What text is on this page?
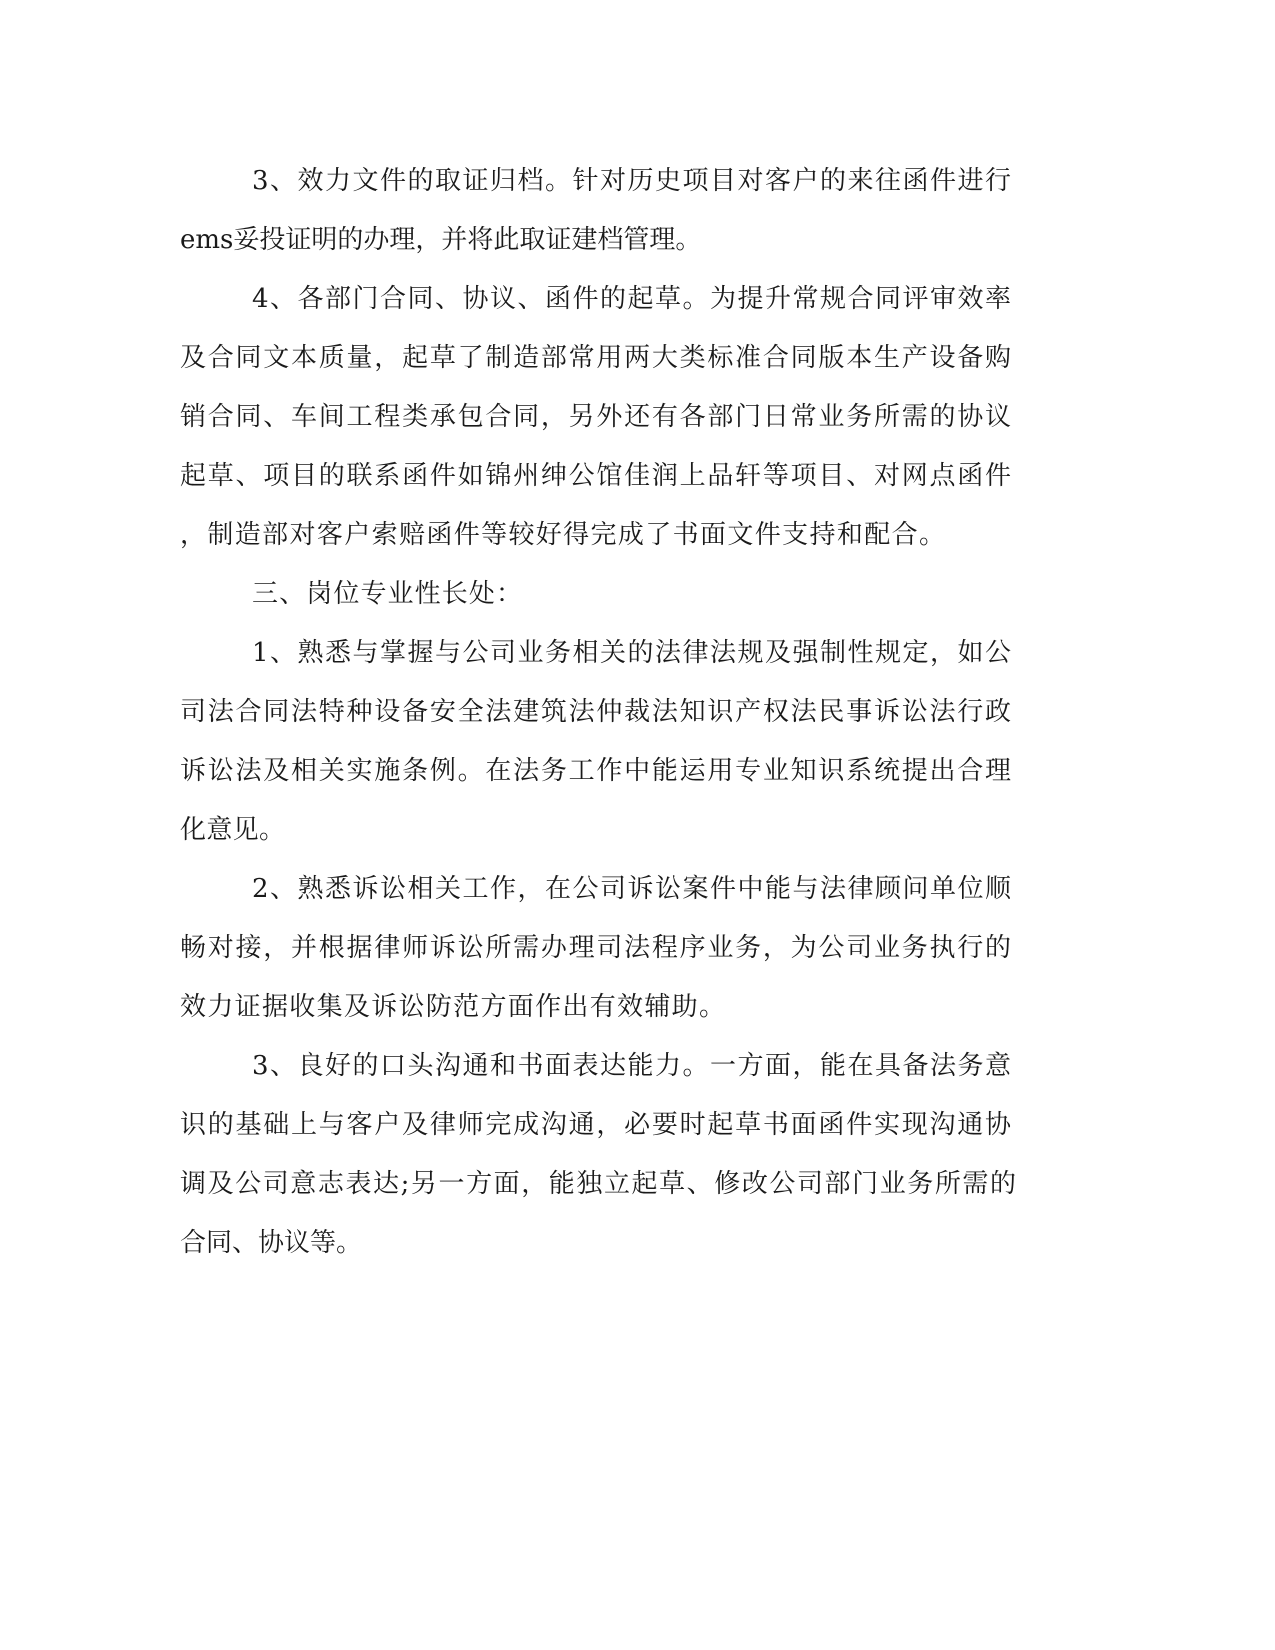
3、效力文件的取证归档。针对历史项目对客户的来往函件进行
ems妥投证明的办理，并将此取证建档管理。
4、各部门合同、协议、函件的起草。为提升常规合同评审效率
及合同文本质量，起草了制造部常用两大类标准合同版本生产设备购
销合同、车间工程类承包合同，另外还有各部门日常业务所需的协议
起草、项目的联系函件如锦州绅公馆佳润上品轩等项目、对网点函件
，制造部对客户索赔函件等较好得完成了书面文件支持和配合。
三、岗位专业性长处：
1、熟悉与掌握与公司业务相关的法律法规及强制性规定，如公
司法合同法特种设备安全法建筑法仲裁法知识产权法民事诉讼法行政
诉讼法及相关实施条例。在法务工作中能运用专业知识系统提出合理
化意见。
2、熟悉诉讼相关工作，在公司诉讼案件中能与法律顾问单位顺
畅对接，并根据律师诉讼所需办理司法程序业务，为公司业务执行的
效力证据收集及诉讼防范方面作出有效辅助。
3、良好的口头沟通和书面表达能力。一方面，能在具备法务意
识的基础上与客户及律师完成沟通，必要时起草书面函件实现沟通协
调及公司意志表达;另一方面，能独立起草、修改公司部门业务所需的
合同、协议等。
